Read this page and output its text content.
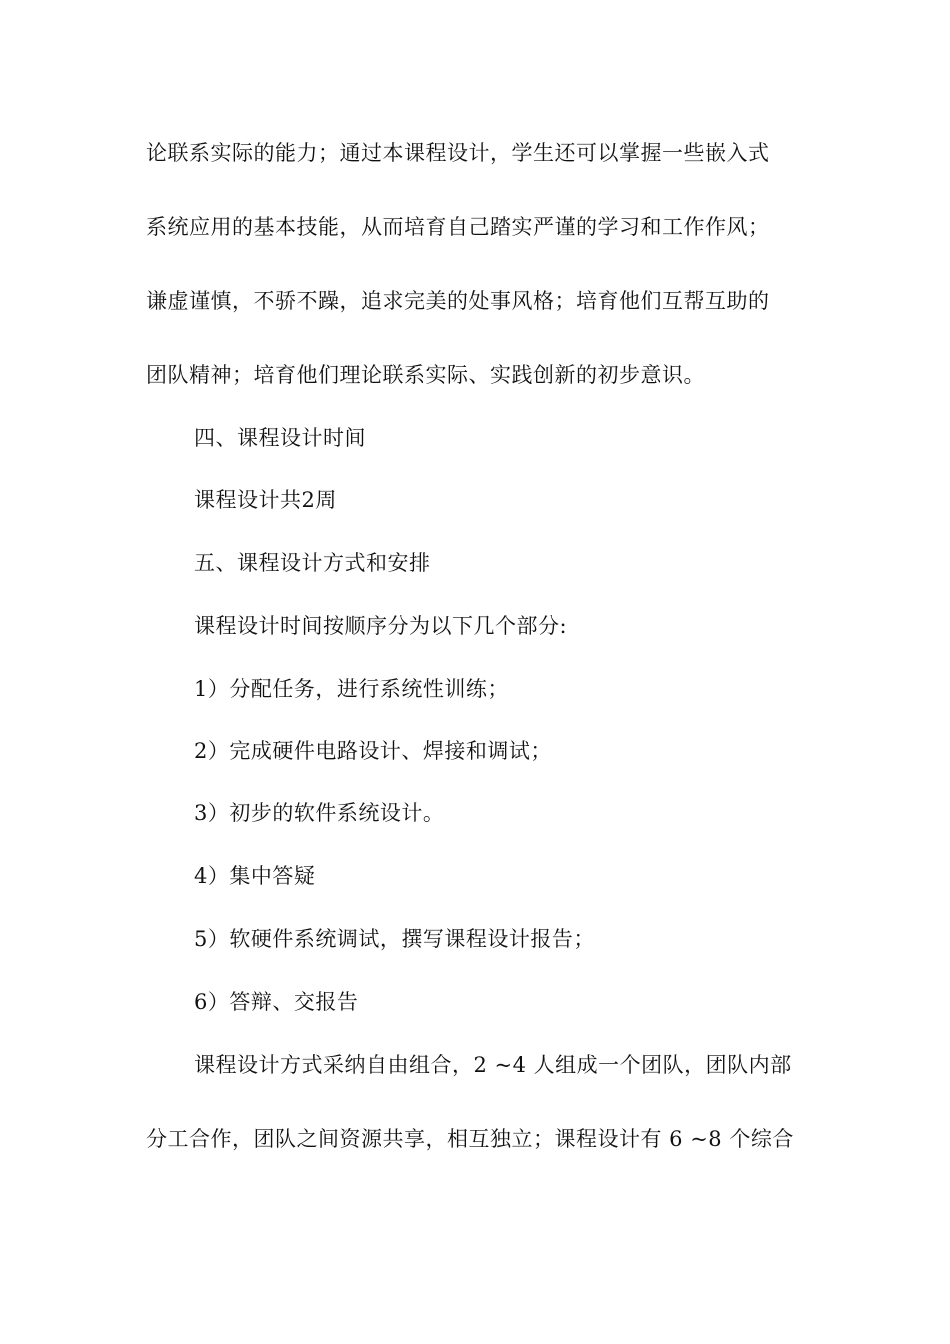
论联系实际的能力；通过本课程设计，学生还可以掌握一些嵌入式
系统应用的基本技能，从而培育自己踏实严谨的学习和工作作风；
谦虚谨慎，不骄不躁，追求完美的处事风格；培育他们互帮互助的
团队精神；培育他们理论联系实际、实践创新的初步意识。
四、课程设计时间
课程设计共2周
五、课程设计方式和安排
课程设计时间按顺序分为以下几个部分:
1）分配任务，进行系统性训练；
2）完成硬件电路设计、焊接和调试；
3）初步的软件系统设计。
4）集中答疑
5）软硬件系统调试，撰写课程设计报告；
6）答辩、交报告
课程设计方式采纳自由组合，2 ~4 人组成一个团队，团队内部
分工合作，团队之间资源共享，相互独立；课程设计有 6 ~8 个综合
